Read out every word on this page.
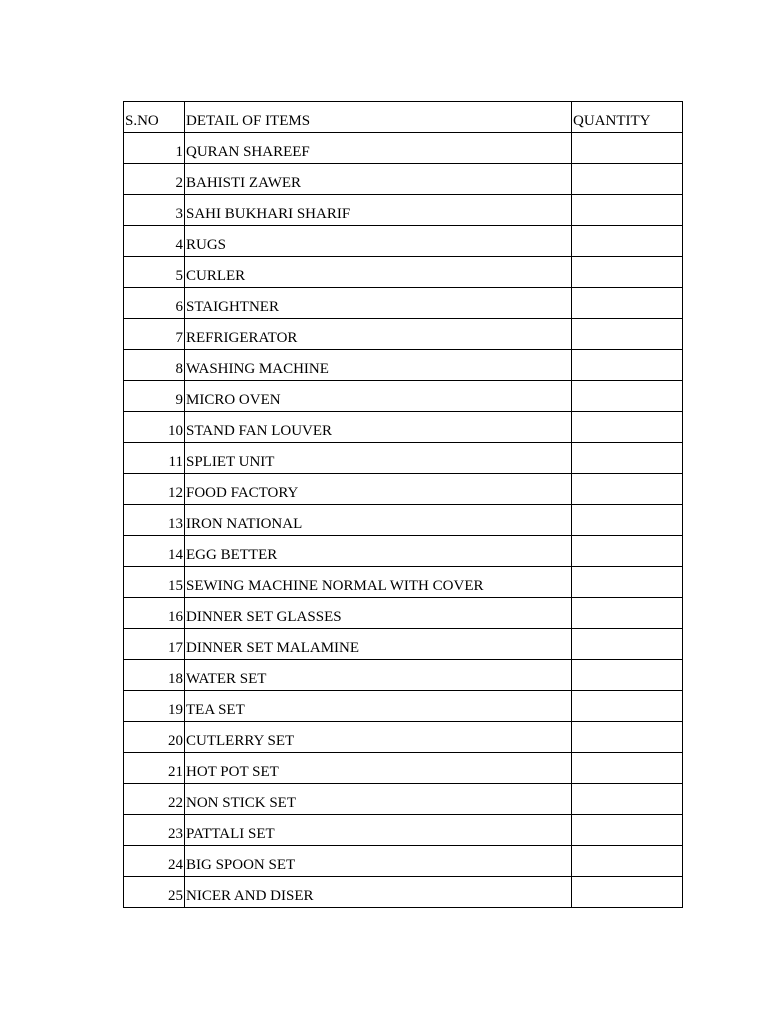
S.NO	DETAIL OF ITEMS	QUANTITY
1	QURAN SHAREEF	
2	BAHISTI ZAWER	
3	SAHI BUKHARI SHARIF	
4	RUGS	
5	CURLER	
6	STAIGHTNER	
7	REFRIGERATOR	
8	WASHING MACHINE	
9	MICRO OVEN	
10	STAND FAN LOUVER	
11	SPLIET UNIT	
12	FOOD FACTORY	
13	IRON NATIONAL	
14	EGG BETTER	
15	SEWING MACHINE NORMAL WITH COVER	
16	DINNER SET GLASSES	
17	DINNER SET MALAMINE	
18	WATER SET	
19	TEA SET	
20	CUTLERRY SET	
21	HOT POT SET	
22	NON STICK SET	
23	PATTALI SET	
24	BIG SPOON SET	
25	NICER AND DISER	
